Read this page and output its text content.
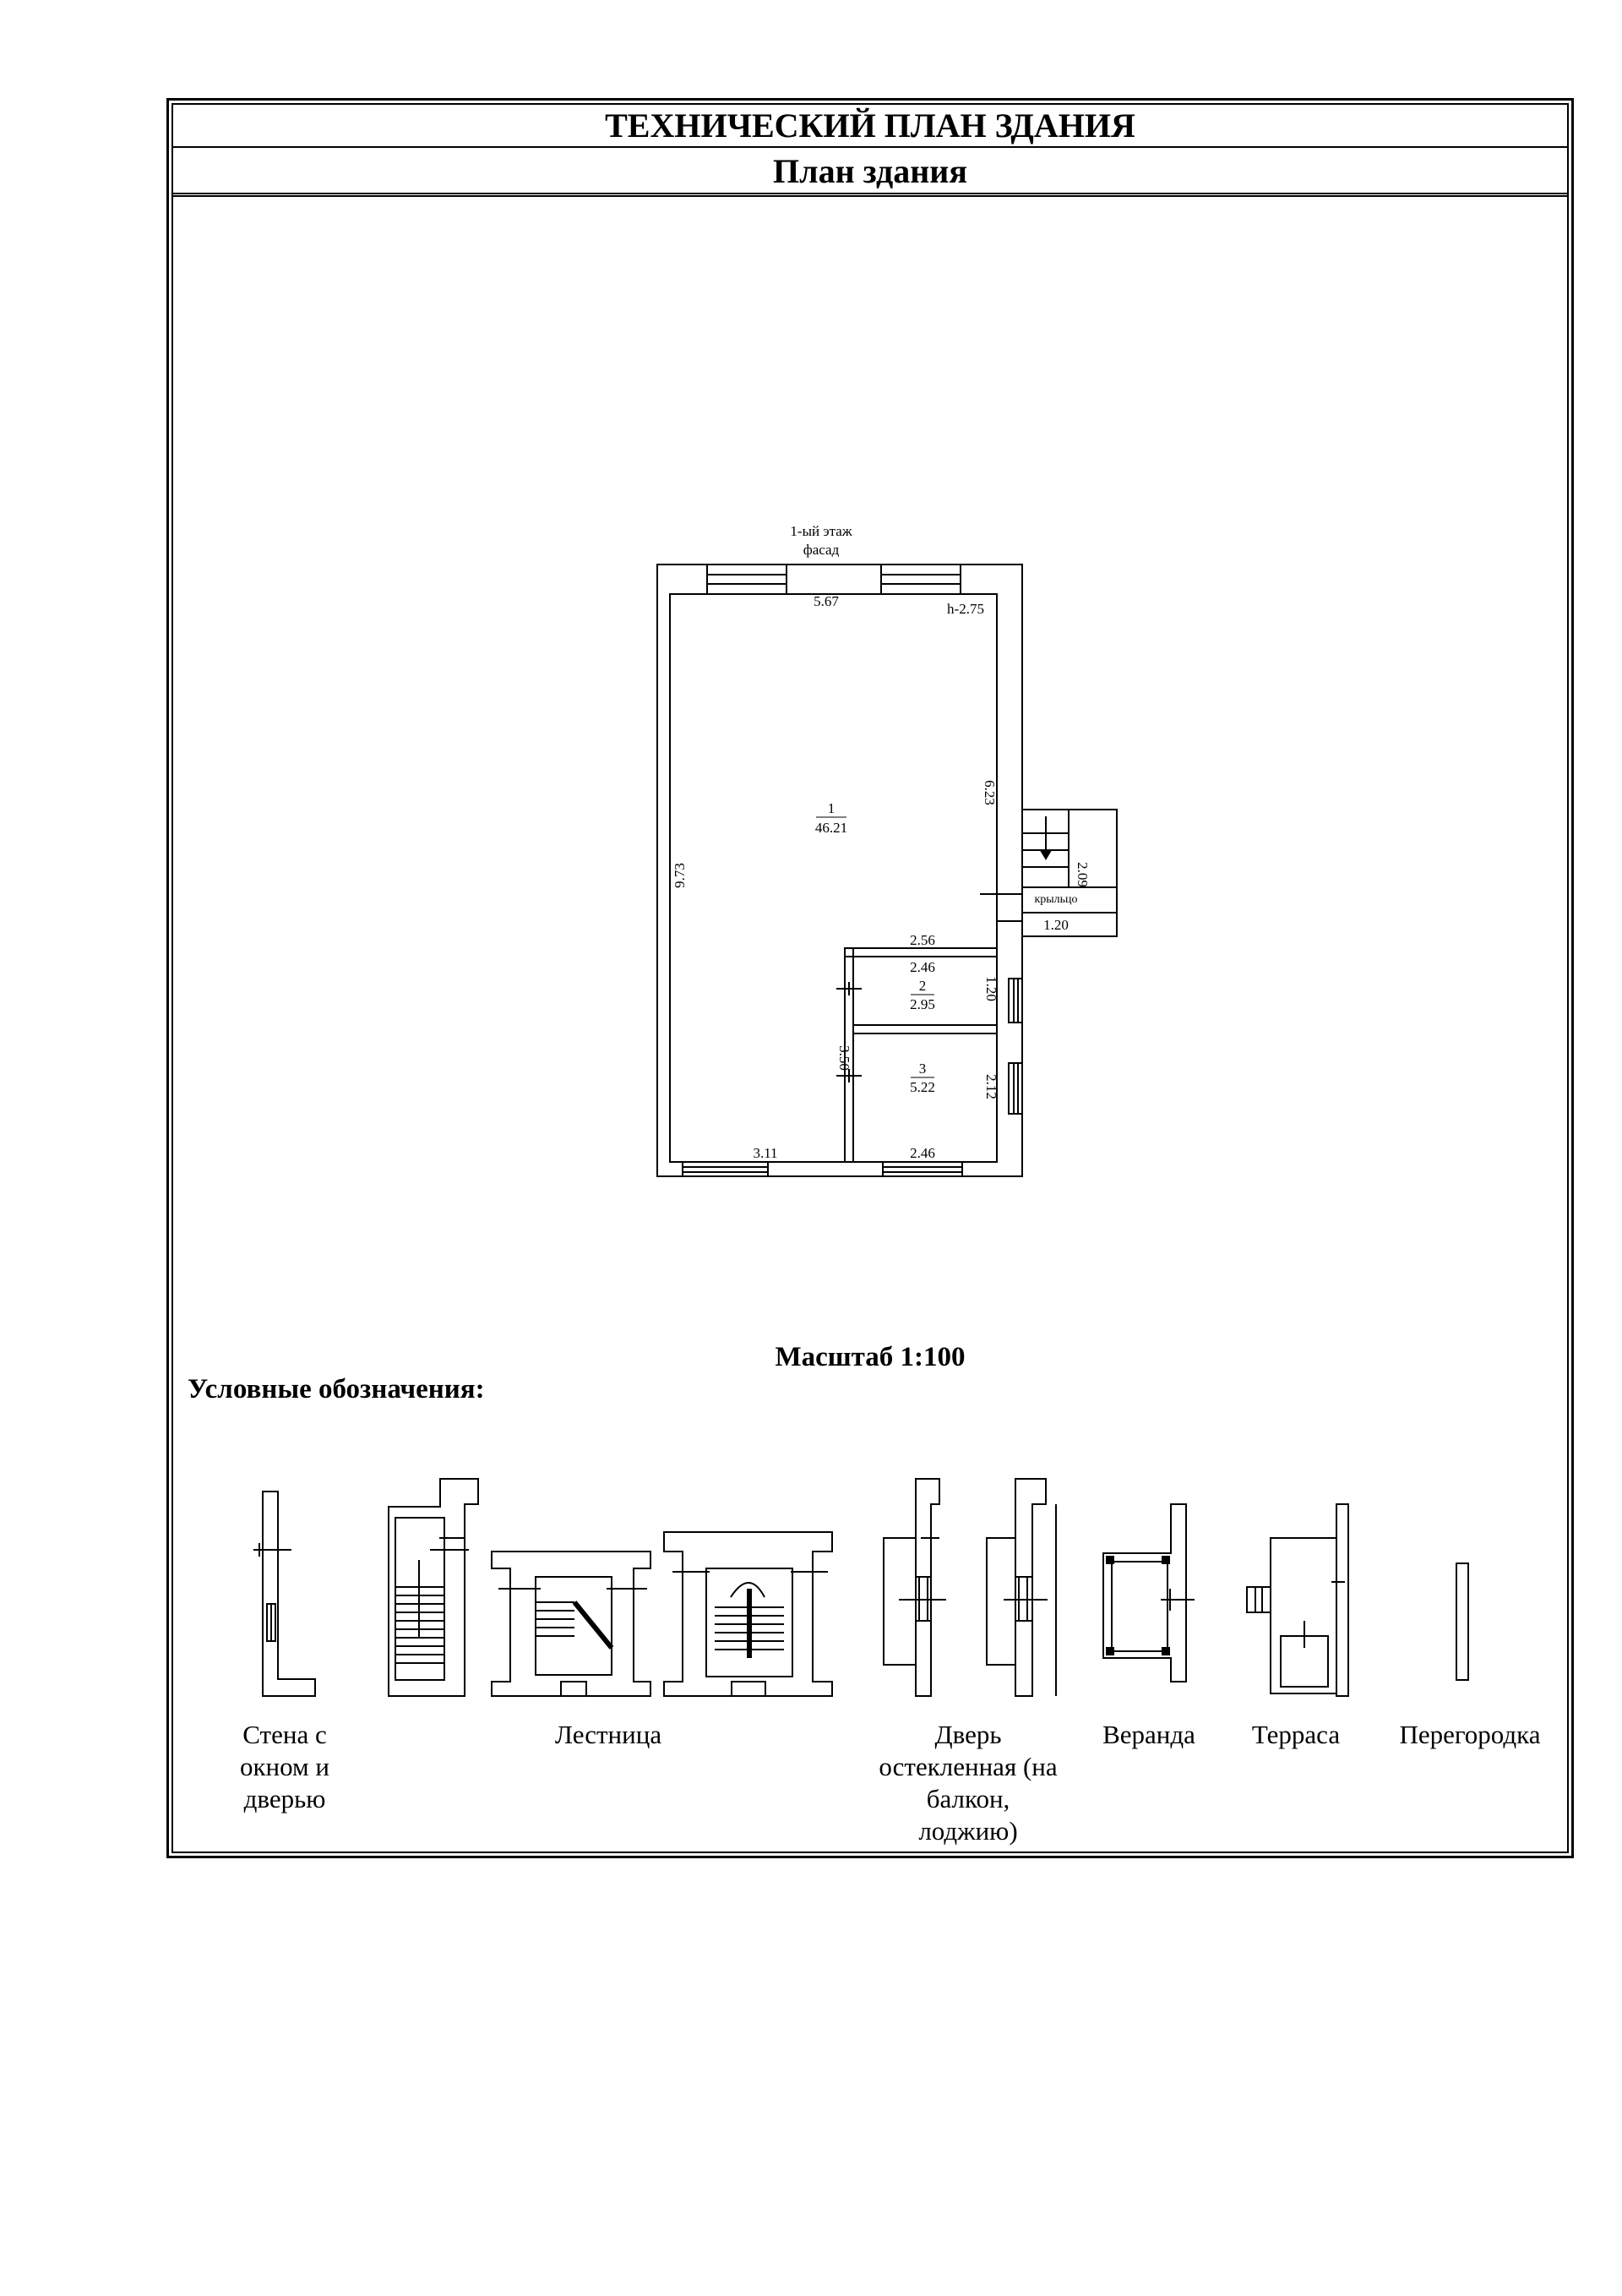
ТЕХНИЧЕСКИЙ ПЛАН ЗДАНИЯ
План здания
1-ый этаж
фасад
5.67	h-2.75
1
46.21
9.73
6.23
2.09
крыльцо
1.20
2.56
2.46
2
2.95
1.20
3.50	3
5.22	2.12
3.11	2.46
Масштаб 1:100
Условные обозначения:
Стена с
окном и
дверью
Лестница	Дверь
остекленная (на
балкон,
лоджию)
Веранда	Терраса	Перегородка
